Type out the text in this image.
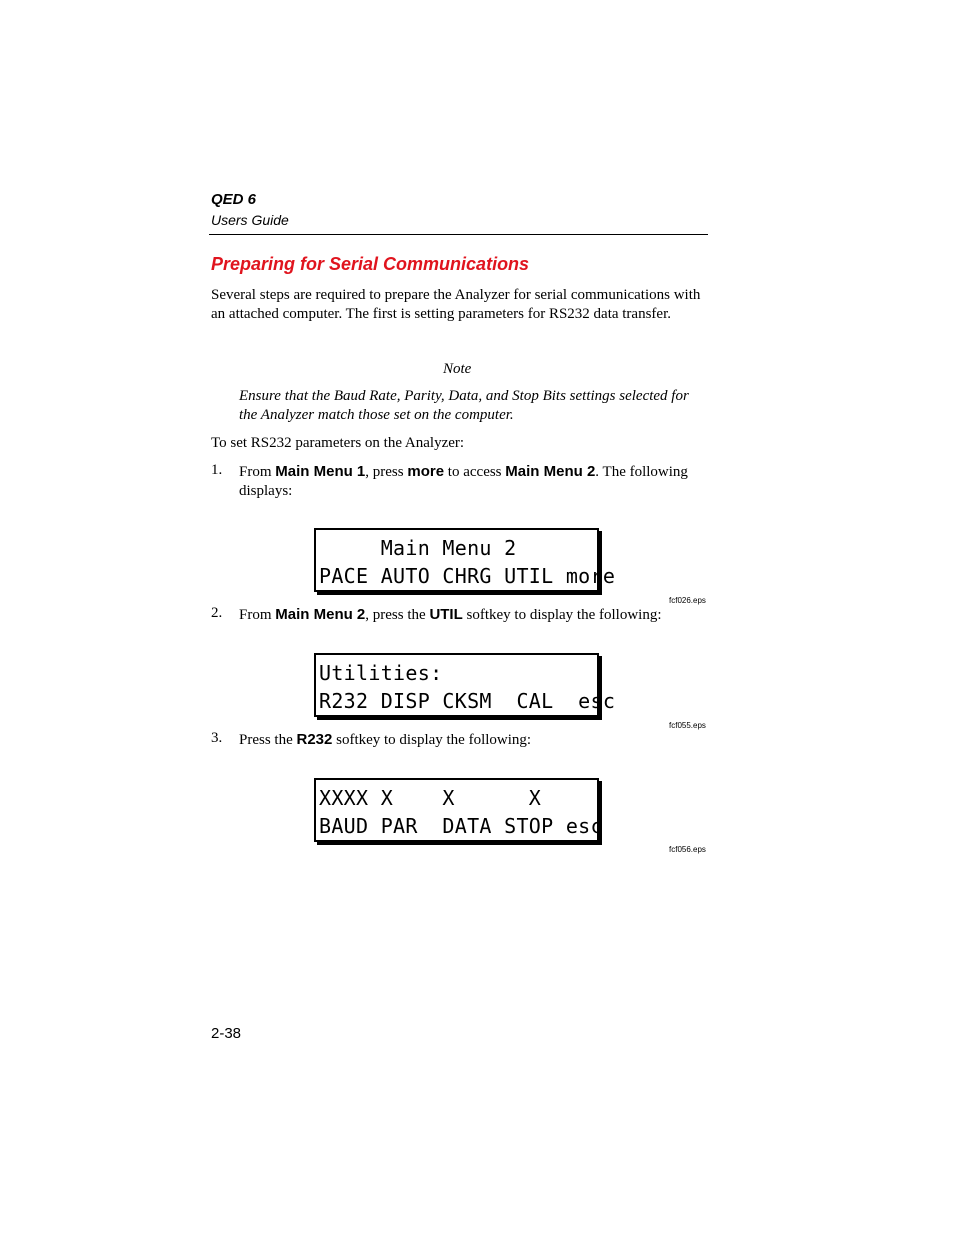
QED 6
Users Guide
Preparing for Serial Communications
Several steps are required to prepare the Analyzer for serial communications with an attached computer. The first is setting parameters for RS232 data transfer.
Note
Ensure that the Baud Rate, Parity, Data, and Stop Bits settings selected for the Analyzer match those set on the computer.
To set RS232 parameters on the Analyzer:
1. From Main Menu 1, press more to access Main Menu 2. The following displays:
Main Menu 2
PACE AUTO CHRG UTIL more
fcf026.eps
2. From Main Menu 2, press the UTIL softkey to display the following:
Utilities:
R232 DISP CKSM  CAL  esc
fcf055.eps
3. Press the R232 softkey to display the following:
XXXX X    X      X
BAUD PAR  DATA STOP esc
fcf056.eps
2-38
